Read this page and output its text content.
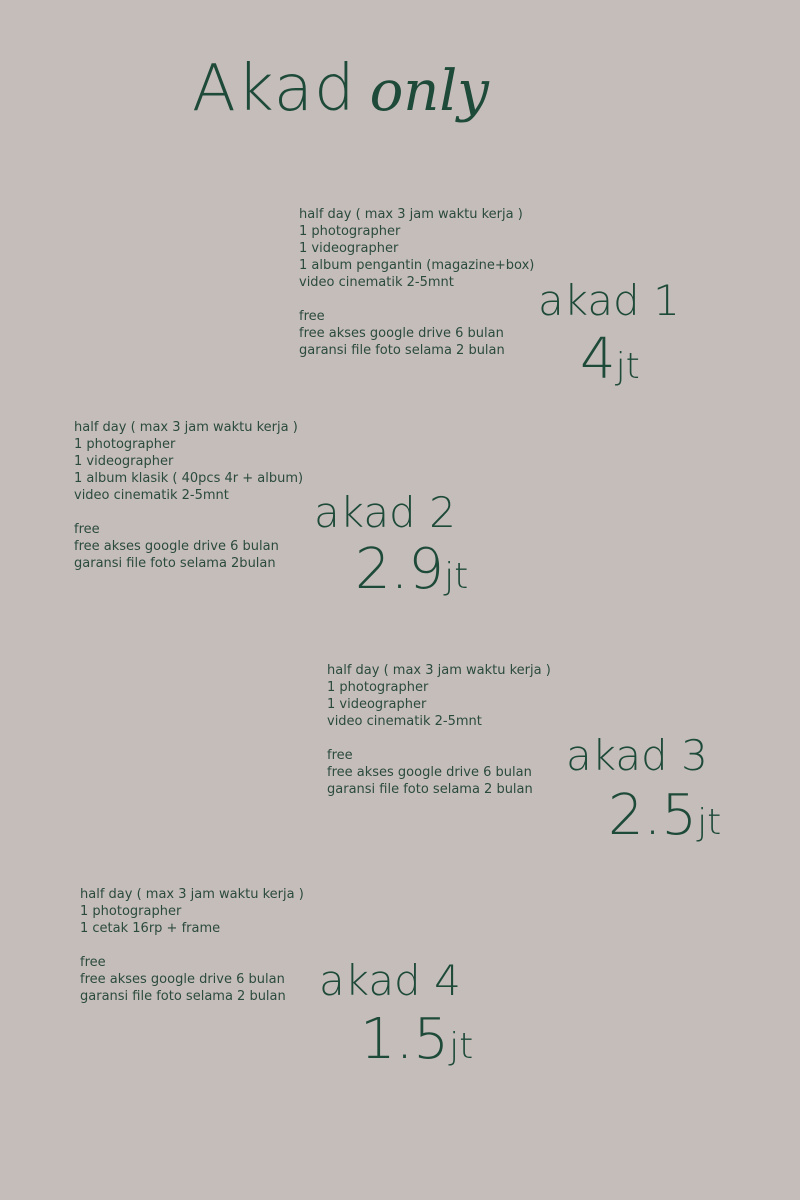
Akad only
half day ( max 3 jam waktu kerja )
1 photographer
1 videographer
1 album pengantin (magazine+box)
video cinematik 2-5mnt
free
free akses google drive 6 bulan
garansi file foto selama 2 bulan
akad 1
4jt
half day ( max 3 jam waktu kerja )
1 photographer
1 videographer
1 album klasik ( 40pcs 4r + album)
video cinematik 2-5mnt
free
free akses google drive 6 bulan
garansi file foto selama 2bulan
akad 2
2.9jt
half day ( max 3 jam waktu kerja )
1 photographer
1 videographer
video cinematik 2-5mnt
free
free akses google drive 6 bulan
garansi file foto selama 2 bulan
akad 3
2.5jt
half day ( max 3 jam waktu kerja )
1 photographer
1 cetak 16rp + frame
free
free akses google drive 6 bulan
garansi file foto selama 2 bulan akad 4
1.5jt
